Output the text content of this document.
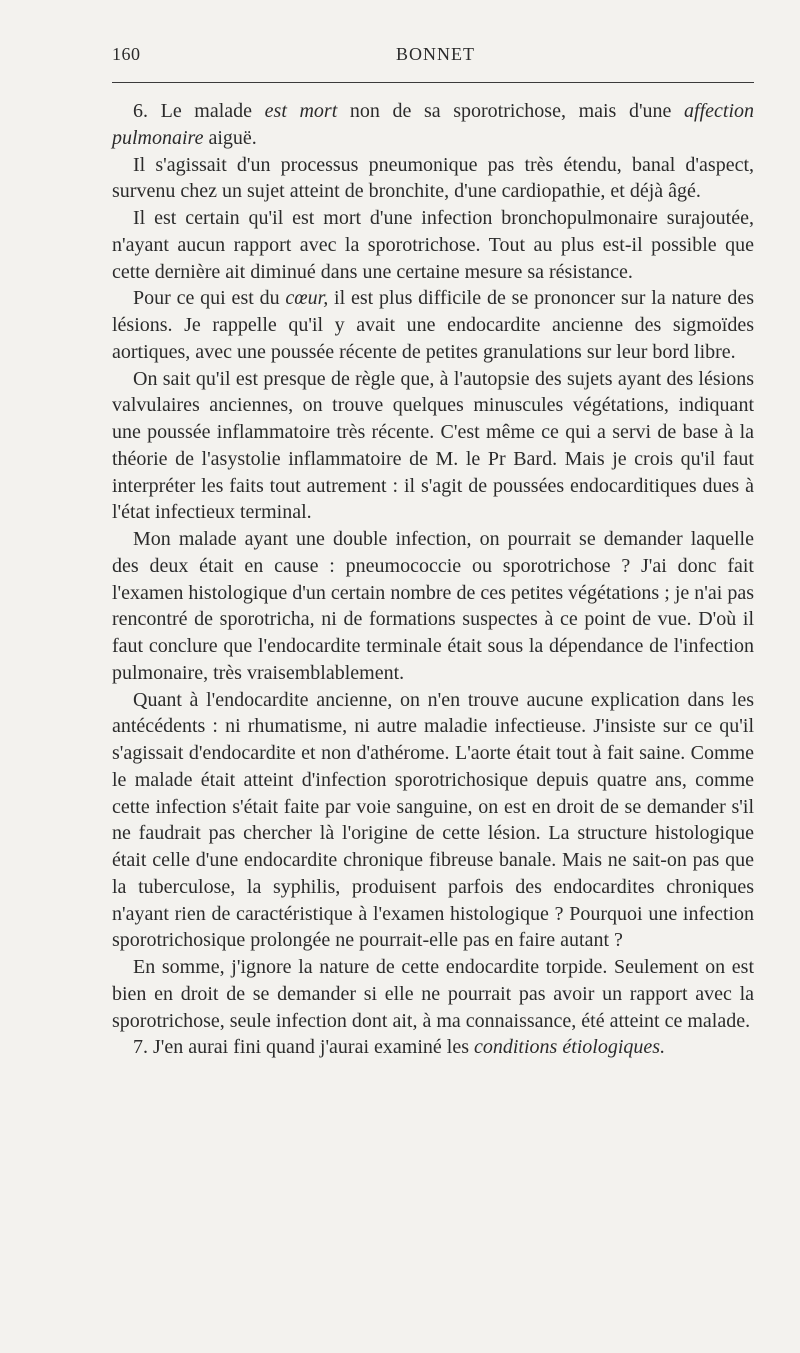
160	BONNET

6. Le malade est mort non de sa sporotrichose, mais d'une affection pulmonaire aiguë.

Il s'agissait d'un processus pneumonique pas très étendu, banal d'aspect, survenu chez un sujet atteint de bronchite, d'une cardiopathie, et déjà âgé.

Il est certain qu'il est mort d'une infection bronchopulmonaire surajoutée, n'ayant aucun rapport avec la sporotrichose. Tout au plus est-il possible que cette dernière ait diminué dans une certaine mesure sa résistance.

Pour ce qui est du cœur, il est plus difficile de se prononcer sur la nature des lésions. Je rappelle qu'il y avait une endocardite ancienne des sigmoïdes aortiques, avec une poussée récente de petites granulations sur leur bord libre.

On sait qu'il est presque de règle que, à l'autopsie des sujets ayant des lésions valvulaires anciennes, on trouve quelques minuscules végétations, indiquant une poussée inflammatoire très récente. C'est même ce qui a servi de base à la théorie de l'asystolie inflammatoire de M. le Pr Bard. Mais je crois qu'il faut interpréter les faits tout autrement : il s'agit de poussées endocarditiques dues à l'état infectieux terminal.

Mon malade ayant une double infection, on pourrait se demander laquelle des deux était en cause : pneumococcie ou sporotrichose ? J'ai donc fait l'examen histologique d'un certain nombre de ces petites végétations ; je n'ai pas rencontré de sporotricha, ni de formations suspectes à ce point de vue. D'où il faut conclure que l'endocardite terminale était sous la dépendance de l'infection pulmonaire, très vraisemblablement.

Quant à l'endocardite ancienne, on n'en trouve aucune explication dans les antécédents : ni rhumatisme, ni autre maladie infectieuse. J'insiste sur ce qu'il s'agissait d'endocardite et non d'athérome. L'aorte était tout à fait saine. Comme le malade était atteint d'infection sporotrichosique depuis quatre ans, comme cette infection s'était faite par voie sanguine, on est en droit de se demander s'il ne faudrait pas chercher là l'origine de cette lésion. La structure histologique était celle d'une endocardite chronique fibreuse banale. Mais ne sait-on pas que la tuberculose, la syphilis, produisent parfois des endocardites chroniques n'ayant rien de caractéristique à l'examen histologique ? Pourquoi une infection sporotrichosique prolongée ne pourrait-elle pas en faire autant ?

En somme, j'ignore la nature de cette endocardite torpide. Seulement on est bien en droit de se demander si elle ne pourrait pas avoir un rapport avec la sporotrichose, seule infection dont ait, à ma connaissance, été atteint ce malade.

7. J'en aurai fini quand j'aurai examiné les conditions étiologiques.
